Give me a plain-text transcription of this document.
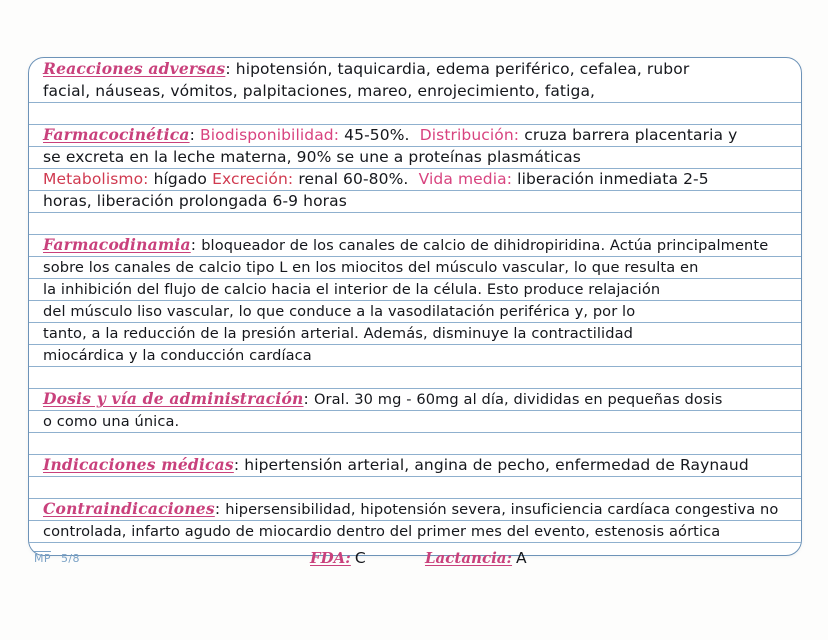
Reacciones adversas: hipotensión, taquicardia, edema periférico, cefalea, rubor
facial, náuseas, vómitos, palpitaciones, mareo, enrojecimiento, fatiga,
Farmacocinética: Biodisponibilidad: 45-50%. Distribución: cruza barrera placentaria y
se excreta en la leche materna, 90% se une a proteínas plasmáticas
Metabolismo: hígado Excreción: renal 60-80%. Vida media: liberación inmediata 2-5
horas, liberación prolongada 6-9 horas
Farmacodinamia: bloqueador de los canales de calcio de dihidropiridina. Actúa principalmente
sobre los canales de calcio tipo L en los miocitos del músculo vascular, lo que resulta en
la inhibición del flujo de calcio hacia el interior de la célula. Esto produce relajación
del músculo liso vascular, lo que conduce a la vasodilatación periférica y, por lo
tanto, a la reducción de la presión arterial. Además, disminuye la contractilidad
miocárdica y la conducción cardíaca
Dosis y vía de administración: Oral. 30 mg - 60mg al día, divididas en pequeñas dosis
o como una única.
Indicaciones médicas: hipertensión arterial, angina de pecho, enfermedad de Raynaud
Contraindicaciones: hipersensibilidad, hipotensión severa, insuficiencia cardíaca congestiva no
controlada, infarto agudo de miocardio dentro del primer mes del evento, estenosis aórtica
$\overline{MP}$ 5/8	FDA: C	Lactancia: A
